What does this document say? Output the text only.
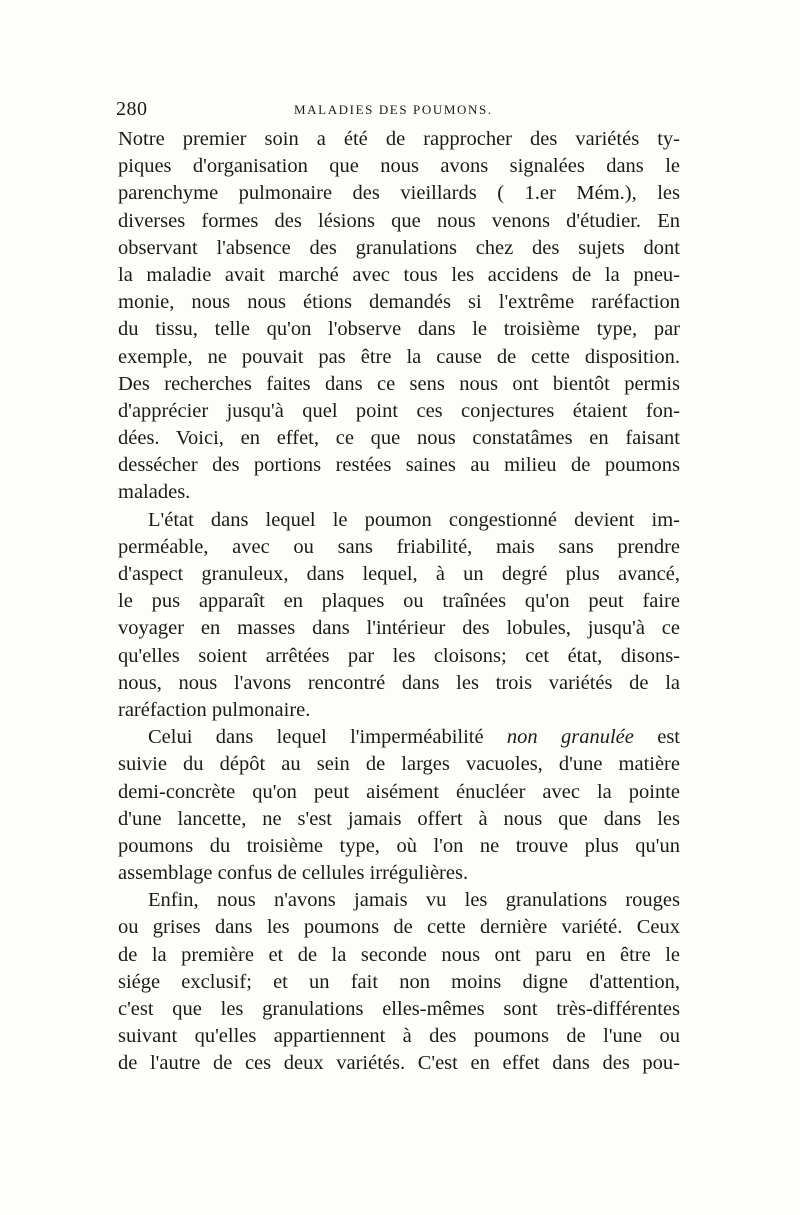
280	MALADIES DES POUMONS.
Notre premier soin a été de rapprocher des variétés ty-
piques d'organisation que nous avons signalées dans le
parenchyme pulmonaire des vieillards ( 1.er Mém.), les
diverses formes des lésions que nous venons d'étudier. En
observant l'absence des granulations chez des sujets dont
la maladie avait marché avec tous les accidens de la pneu-
monie, nous nous étions demandés si l'extrême raréfaction
du tissu, telle qu'on l'observe dans le troisième type, par
exemple, ne pouvait pas être la cause de cette disposition.
Des recherches faites dans ce sens nous ont bientôt permis
d'apprécier jusqu'à quel point ces conjectures étaient fon-
dées. Voici, en effet, ce que nous constatâmes en faisant
dessécher des portions restées saines au milieu de poumons
malades.
L'état dans lequel le poumon congestionné devient im-
perméable, avec ou sans friabilité, mais sans prendre
d'aspect granuleux, dans lequel, à un degré plus avancé,
le pus apparaît en plaques ou traînées qu'on peut faire
voyager en masses dans l'intérieur des lobules, jusqu'à ce
qu'elles soient arrêtées par les cloisons; cet état, disons-
nous, nous l'avons rencontré dans les trois variétés de la
raréfaction pulmonaire.
Celui dans lequel l'imperméabilité non granulée est
suivie du dépôt au sein de larges vacuoles, d'une matière
demi-concrète qu'on peut aisément énucléer avec la pointe
d'une lancette, ne s'est jamais offert à nous que dans les
poumons du troisième type, où l'on ne trouve plus qu'un
assemblage confus de cellules irrégulières.
Enfin, nous n'avons jamais vu les granulations rouges
ou grises dans les poumons de cette dernière variété. Ceux
de la première et de la seconde nous ont paru en être le
siége exclusif; et un fait non moins digne d'attention,
c'est que les granulations elles-mêmes sont très-différentes
suivant qu'elles appartiennent à des poumons de l'une ou
de l'autre de ces deux variétés. C'est en effet dans des pou-
